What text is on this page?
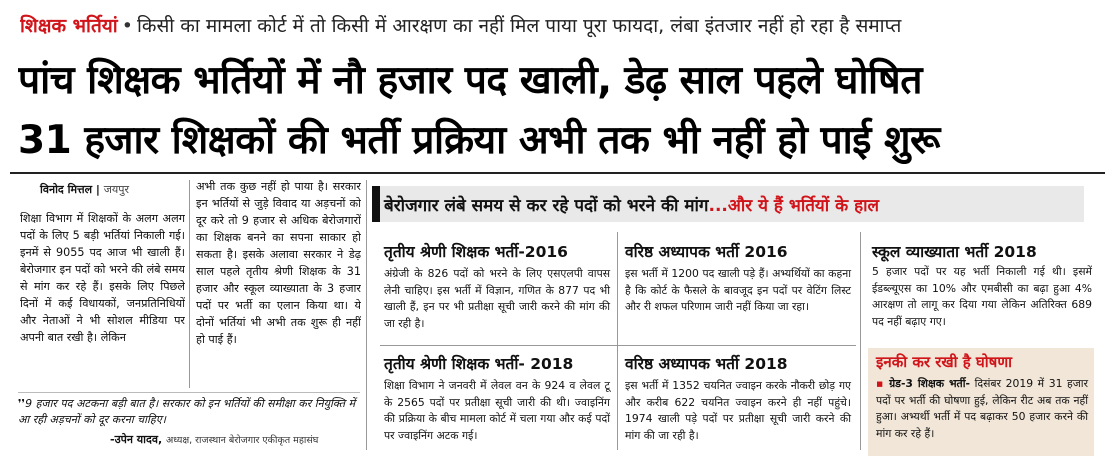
शिक्षक भर्तियां • किसी का मामला कोर्ट में तो किसी में आरक्षण का नहीं मिल पाया पूरा फायदा, लंबा इंतजार नहीं हो रहा है समाप्त
पांच शिक्षक भर्तियों में नौ हजार पद खाली, डेढ़ साल पहले घोषित
31 हजार शिक्षकों की भर्ती प्रक्रिया अभी तक भी नहीं हो पाई शुरू
विनोद मित्तल | जयपुर
शिक्षा विभाग में शिक्षकों के अलग अलग पदों के लिए 5 बड़ी भर्तियां निकाली गई। इनमें से 9055 पद आज भी खाली हैं। बेरोजगार इन पदों को भरने की लंबे समय से मांग कर रहे हैं। इसके लिए पिछले दिनों में कई विधायकों, जनप्रतिनिधियों और नेताओं ने भी सोशल मीडिया पर अपनी बात रखी है। लेकिन
अभी तक कुछ नहीं हो पाया है। सरकार इन भर्तियों से जुड़े विवाद या अड़चनों को दूर करे तो 9 हजार से अधिक बेरोजगारों का शिक्षक बनने का सपना साकार हो सकता है। इसके अलावा सरकार ने डेढ़ साल पहले तृतीय श्रेणी शिक्षक के 31 हजार और स्कूल व्याख्याता के 3 हजार पदों पर भर्ती का एलान किया था। ये दोनों भर्तियां भी अभी तक शुरू ही नहीं हो पाई हैं।
❜❜9 हजार पद अटकना बड़ी बात है। सरकार को इन भर्तियों की समीक्षा कर नियुक्ति में आ रही अड़चनों को दूर करना चाहिए।
-उपेन यादव, अध्यक्ष, राजस्थान बेरोजगार एकीकृत महासंघ
बेरोजगार लंबे समय से कर रहे पदों को भरने की मांग...और ये हैं भर्तियों के हाल
तृतीय श्रेणी शिक्षक भर्ती-2016
अंग्रेजी के 826 पदों को भरने के लिए एसएलपी वापस लेनी चाहिए। इस भर्ती में विज्ञान, गणित के 877 पद भी खाली हैं, इन पर भी प्रतीक्षा सूची जारी करने की मांग की जा रही है।
वरिष्ठ अध्यापक भर्ती 2016
इस भर्ती में 1200 पद खाली पड़े हैं। अभ्यर्थियों का कहना है कि कोर्ट के फैसले के बावजूद इन पदों पर वेटिंग लिस्ट और री शफल परिणाम जारी नहीं किया जा रहा।
स्कूल व्याख्याता भर्ती 2018
5 हजार पदों पर यह भर्ती निकाली गई थी। इसमें ईडब्ल्यूएस का 10% और एमबीसी का बढ़ा हुआ 4% आरक्षण तो लागू कर दिया गया लेकिन अतिरिक्त 689 पद नहीं बढ़ाए गए।
तृतीय श्रेणी शिक्षक भर्ती- 2018
शिक्षा विभाग ने जनवरी में लेवल वन के 924 व लेवल टू के 2565 पदों पर प्रतीक्षा सूची जारी की थी। ज्वाइनिंग की प्रक्रिया के बीच मामला कोर्ट में चला गया और कई पदों पर ज्वाइनिंग अटक गई।
वरिष्ठ अध्यापक भर्ती 2018
इस भर्ती में 1352 चयनित ज्वाइन करके नौकरी छोड़ गए और करीब 622 चयनित ज्वाइन करने ही नहीं पहुंचे। 1974 खाली पड़े पदों पर प्रतीक्षा सूची जारी करने की मांग की जा रही है।
इनकी कर रखी है घोषणा
▪ ग्रेड-3 शिक्षक भर्ती- दिसंबर 2019 में 31 हजार पदों पर भर्ती की घोषणा हुई, लेकिन रीट अब तक नहीं हुआ। अभ्यर्थी भर्ती में पद बढ़ाकर 50 हजार करने की मांग कर रहे हैं।
